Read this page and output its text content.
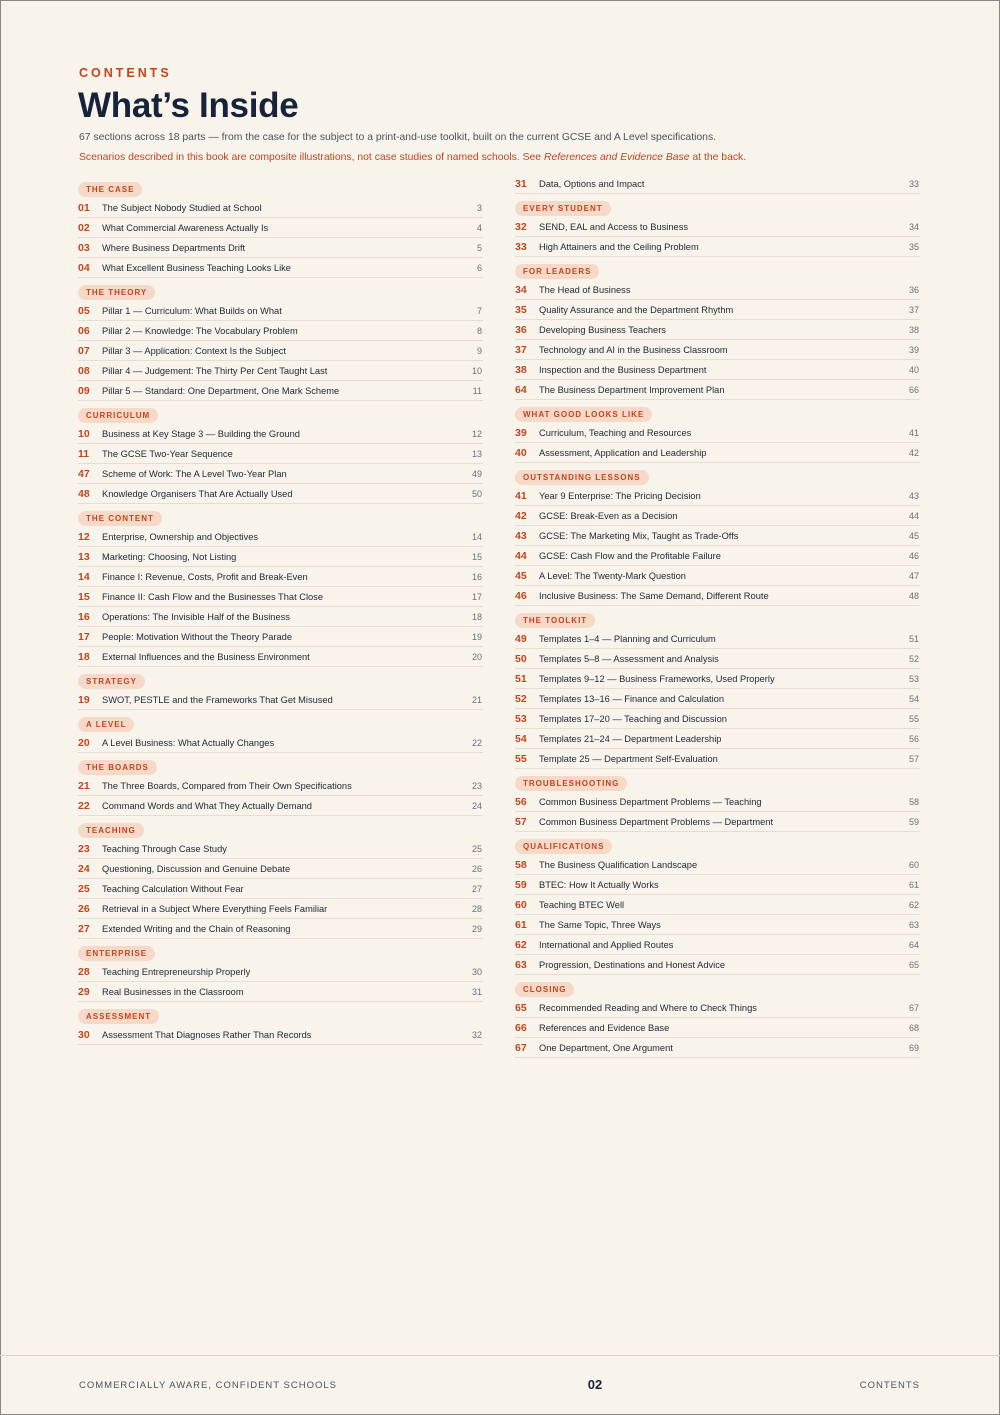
CONTENTS
What’s Inside

67 sections across 18 parts — from the case for the subject to a print-and-use toolkit, built on the current GCSE and A Level specifications.

Scenarios described in this book are composite illustrations, not case studies of named schools. See References and Evidence Base at the back.

THE CASE
01	The Subject Nobody Studied at School	3
02	What Commercial Awareness Actually Is	4
03	Where Business Departments Drift	5
04	What Excellent Business Teaching Looks Like	6
THE THEORY
05	Pillar 1 — Curriculum: What Builds on What	7
06	Pillar 2 — Knowledge: The Vocabulary Problem	8
07	Pillar 3 — Application: Context Is the Subject	9
08	Pillar 4 — Judgement: The Thirty Per Cent Taught Last	10
09	Pillar 5 — Standard: One Department, One Mark Scheme	11
CURRICULUM
10	Business at Key Stage 3 — Building the Ground	12
11	The GCSE Two-Year Sequence	13
47	Scheme of Work: The A Level Two-Year Plan	49
48	Knowledge Organisers That Are Actually Used	50
THE CONTENT
12	Enterprise, Ownership and Objectives	14
13	Marketing: Choosing, Not Listing	15
14	Finance I: Revenue, Costs, Profit and Break-Even	16
15	Finance II: Cash Flow and the Businesses That Close	17
16	Operations: The Invisible Half of the Business	18
17	People: Motivation Without the Theory Parade	19
18	External Influences and the Business Environment	20
STRATEGY
19	SWOT, PESTLE and the Frameworks That Get Misused	21
A LEVEL
20	A Level Business: What Actually Changes	22
THE BOARDS
21	The Three Boards, Compared from Their Own Specifications	23
22	Command Words and What They Actually Demand	24
TEACHING
23	Teaching Through Case Study	25
24	Questioning, Discussion and Genuine Debate	26
25	Teaching Calculation Without Fear	27
26	Retrieval in a Subject Where Everything Feels Familiar	28
27	Extended Writing and the Chain of Reasoning	29
ENTERPRISE
28	Teaching Entrepreneurship Properly	30
29	Real Businesses in the Classroom	31
ASSESSMENT
30	Assessment That Diagnoses Rather Than Records	32
31	Data, Options and Impact	33
EVERY STUDENT
32	SEND, EAL and Access to Business	34
33	High Attainers and the Ceiling Problem	35
FOR LEADERS
34	The Head of Business	36
35	Quality Assurance and the Department Rhythm	37
36	Developing Business Teachers	38
37	Technology and AI in the Business Classroom	39
38	Inspection and the Business Department	40
64	The Business Department Improvement Plan	66
WHAT GOOD LOOKS LIKE
39	Curriculum, Teaching and Resources	41
40	Assessment, Application and Leadership	42
OUTSTANDING LESSONS
41	Year 9 Enterprise: The Pricing Decision	43
42	GCSE: Break-Even as a Decision	44
43	GCSE: The Marketing Mix, Taught as Trade-Offs	45
44	GCSE: Cash Flow and the Profitable Failure	46
45	A Level: The Twenty-Mark Question	47
46	Inclusive Business: The Same Demand, Different Route	48
THE TOOLKIT
49	Templates 1–4 — Planning and Curriculum	51
50	Templates 5–8 — Assessment and Analysis	52
51	Templates 9–12 — Business Frameworks, Used Properly	53
52	Templates 13–16 — Finance and Calculation	54
53	Templates 17–20 — Teaching and Discussion	55
54	Templates 21–24 — Department Leadership	56
55	Template 25 — Department Self-Evaluation	57
TROUBLESHOOTING
56	Common Business Department Problems — Teaching	58
57	Common Business Department Problems — Department	59
QUALIFICATIONS
58	The Business Qualification Landscape	60
59	BTEC: How It Actually Works	61
60	Teaching BTEC Well	62
61	The Same Topic, Three Ways	63
62	International and Applied Routes	64
63	Progression, Destinations and Honest Advice	65
CLOSING
65	Recommended Reading and Where to Check Things	67
66	References and Evidence Base	68
67	One Department, One Argument	69
COMMERCIALLY AWARE, CONFIDENT SCHOOLS	02	CONTENTS
